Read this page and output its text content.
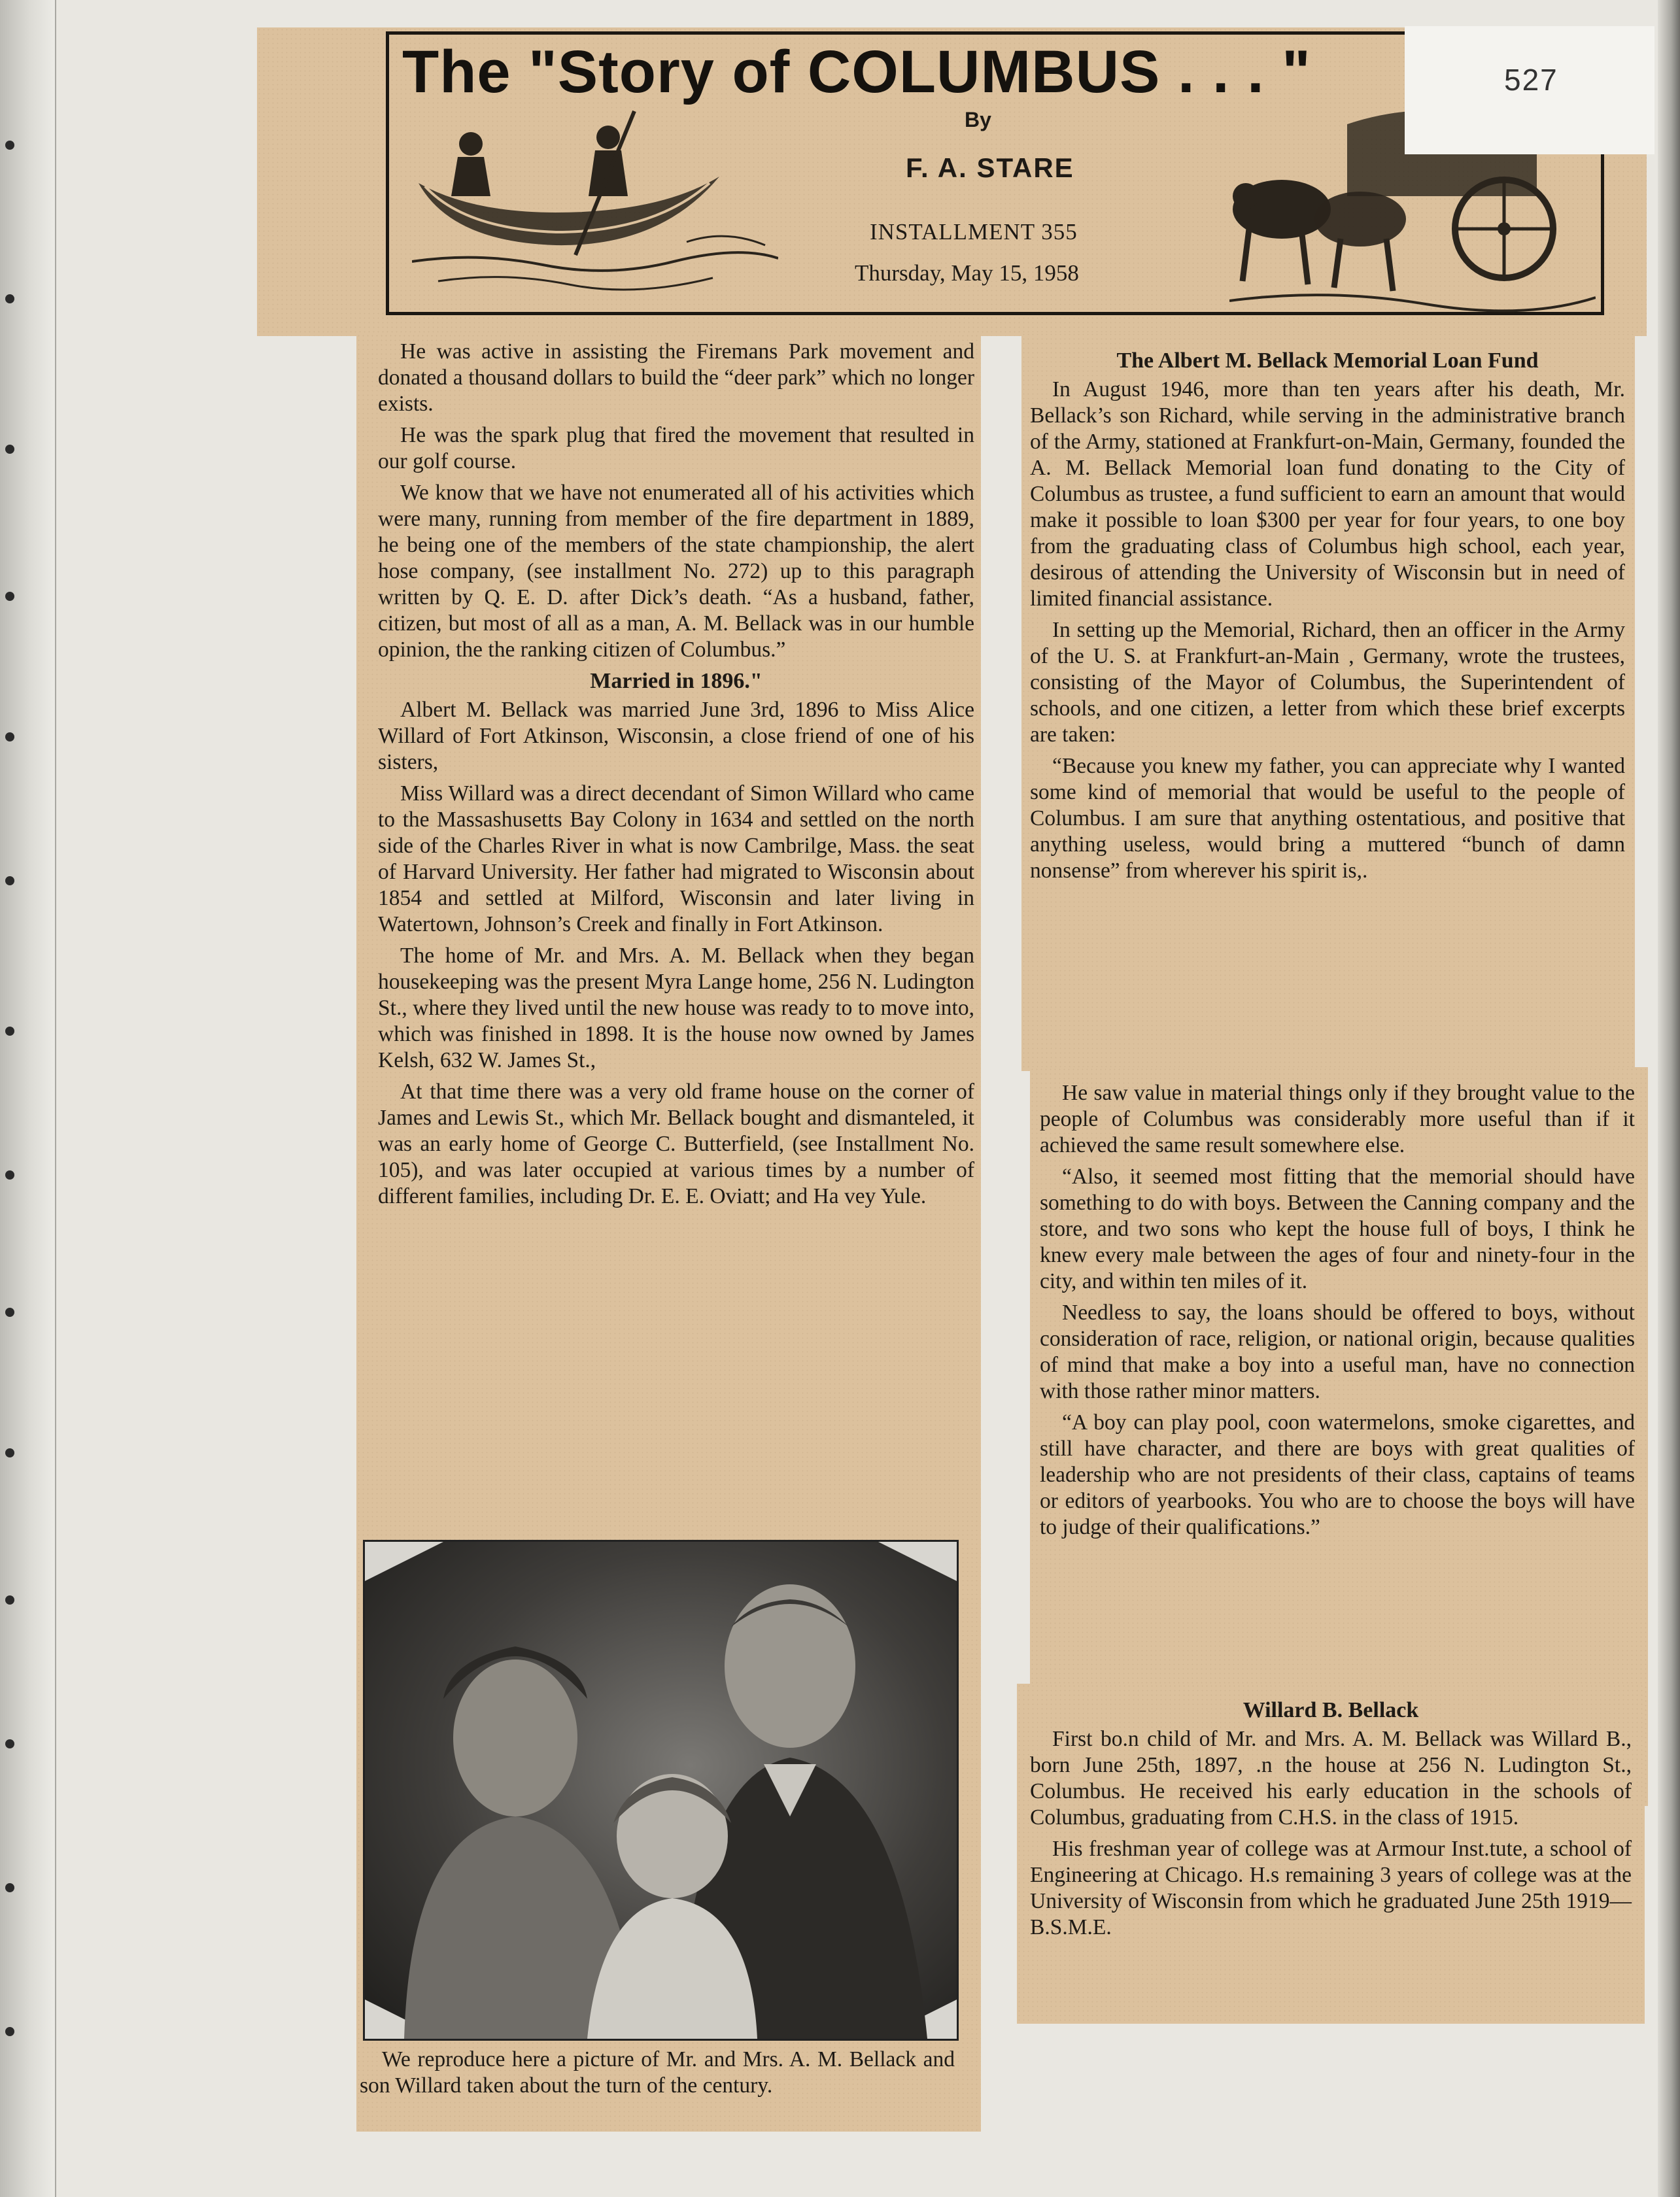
The "Story of COLUMBUS . . . "
By
F. A. STARE
INSTALLMENT 355
Thursday, May 15, 1958
527

He was active in assisting the Firemans Park movement and donated a thousand dollars to build the “deer park” which no longer exists.

He was the spark plug that fired the movement that resulted in our golf course.

We know that we have not enumerated all of his activities which were many, running from member of the fire department in 1889, he being one of the members of the state championship, the alert hose company, (see installment No. 272) up to this paragraph written by Q. E. D. after Dick’s death. “As a husband, father, citizen, but most of all as a man, A. M. Bellack was in our humble opinion, the the ranking citizen of Columbus.”

Married in 1896."

Albert M. Bellack was married June 3rd, 1896 to Miss Alice Willard of Fort Atkinson, Wisconsin, a close friend of one of his sisters,

Miss Willard was a direct decendant of Simon Willard who came to the Massashusetts Bay Colony in 1634 and settled on the north side of the Charles River in what is now Cambrilge, Mass. the seat of Harvard University. Her father had migrated to Wisconsin about 1854 and settled at Milford, Wisconsin and later living in Watertown, Johnson’s Creek and finally in Fort Atkinson.

The home of Mr. and Mrs. A. M. Bellack when they began housekeeping was the present Myra Lange home, 256 N. Ludington St., where they lived until the new house was ready to to move into, which was finished in 1898. It is the house now owned by James Kelsh, 632 W. James St.,

At that time there was a very old frame house on the corner of James and Lewis St., which Mr. Bellack bought and dismanteled, it was an early home of George C. Butterfield, (see Installment No. 105), and was later occupied at various times by a number of different families, including Dr. E. E. Oviatt; and Ha vey Yule.

We reproduce here a picture of Mr. and Mrs. A. M. Bellack and son Willard taken about the turn of the century.

The Albert M. Bellack Memorial Loan Fund

In August 1946, more than ten years after his death, Mr. Bellack’s son Richard, while serving in the administrative branch of the Army, stationed at Frankfurt-on-Main, Germany, founded the A. M. Bellack Memorial loan fund donating to the City of Columbus as trustee, a fund sufficient to earn an amount that would make it possible to loan $300 per year for four years, to one boy from the graduating class of Columbus high school, each year, desirous of attending the University of Wisconsin but in need of limited financial assistance.

In setting up the Memorial, Richard, then an officer in the Army of the U. S. at Frankfurt-an-Main , Germany, wrote the trustees, consisting of the Mayor of Columbus, the Superintendent of schools, and one citizen, a letter from which these brief excerpts are taken:

“Because you knew my father, you can appreciate why I wanted some kind of memorial that would be useful to the people of Columbus. I am sure that anything ostentatious, and positive that anything useless, would bring a muttered “bunch of damn nonsense” from wherever his spirit is,.

He saw value in material things only if they brought value to the people of Columbus was considerably more useful than if it achieved the same result somewhere else.

“Also, it seemed most fitting that the memorial should have something to do with boys. Between the Canning company and the store, and two sons who kept the house full of boys, I think he knew every male between the ages of four and ninety-four in the city, and within ten miles of it.

Needless to say, the loans should be offered to boys, without consideration of race, religion, or national origin, because qualities of mind that make a boy into a useful man, have no connection with those rather minor matters.

“A boy can play pool, coon watermelons, smoke cigarettes, and still have character, and there are boys with great qualities of leadership who are not presidents of their class, captains of teams or editors of yearbooks. You who are to choose the boys will have to judge of their qualifications.”

Willard B. Bellack

First bo.n child of Mr. and Mrs. A. M. Bellack was Willard B., born June 25th, 1897, .n the house at 256 N. Ludington St., Columbus. He received his early education in the schools of Columbus, graduating from C.H.S. in the class of 1915.

His freshman year of college was at Armour Inst.tute, a school of Engineering at Chicago. H.s remaining 3 years of college was at the University of Wisconsin from which he graduated June 25th 1919—B.S.M.E.
